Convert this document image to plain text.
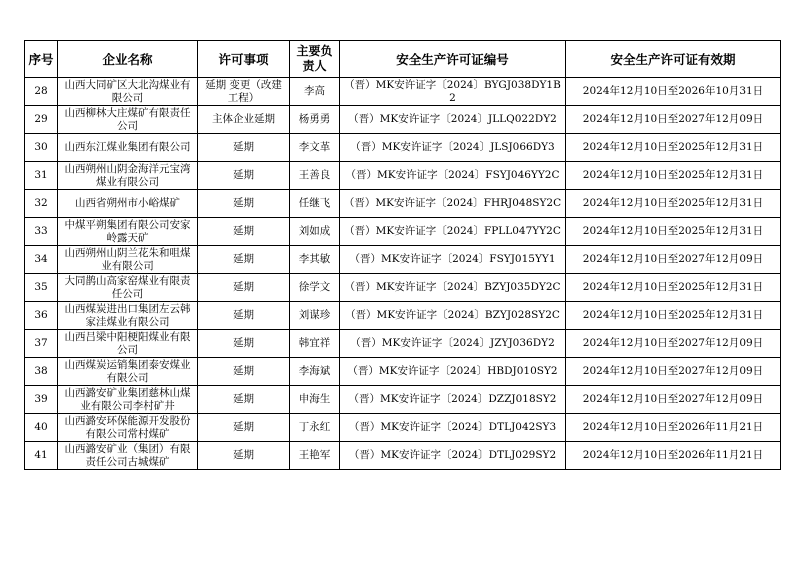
序号	企业名称	许可事项	主要负责人	安全生产许可证编号	安全生产许可证有效期
28	山西大同矿区大北沟煤业有限公司	延期 变更（改建工程）	李高	（晋）MK安许证字〔2024〕BYGJ038DY1B2	2024年12月10日至2026年10月31日
29	山西柳林大庄煤矿有限责任公司	主体企业延期	杨勇勇	（晋）MK安许证字〔2024〕JLLQ022DY2	2024年12月10日至2027年12月09日
30	山西东江煤业集团有限公司	延期	李文革	（晋）MK安许证字〔2024〕JLSJ066DY3	2024年12月10日至2025年12月31日
31	山西朔州山阴金海洋元宝湾煤业有限公司	延期	王善良	（晋）MK安许证字〔2024〕FSYJ046YY2C	2024年12月10日至2025年12月31日
32	山西省朔州市小峪煤矿	延期	任继飞	（晋）MK安许证字〔2024〕FHRJ048SY2C	2024年12月10日至2025年12月31日
33	中煤平朔集团有限公司安家岭露天矿	延期	刘如成	（晋）MK安许证字〔2024〕FPLL047YY2C	2024年12月10日至2025年12月31日
34	山西朔州山阴兰花朱和咀煤业有限公司	延期	李其敏	（晋）MK安许证字〔2024〕FSYJ015YY1	2024年12月10日至2027年12月09日
35	大同鹊山高家窑煤业有限责任公司	延期	徐学文	（晋）MK安许证字〔2024〕BZYJ035DY2C	2024年12月10日至2025年12月31日
36	山西煤炭进出口集团左云韩家洼煤业有限公司	延期	刘谋珍	（晋）MK安许证字〔2024〕BZYJ028SY2C	2024年12月10日至2025年12月31日
37	山西吕梁中阳梗阳煤业有限公司	延期	韩宜祥	（晋）MK安许证字〔2024〕JZYJ036DY2	2024年12月10日至2027年12月09日
38	山西煤炭运销集团泰安煤业有限公司	延期	李海斌	（晋）MK安许证字〔2024〕HBDJ010SY2	2024年12月10日至2027年12月09日
39	山西潞安矿业集团慈林山煤业有限公司李村矿井	延期	申海生	（晋）MK安许证字〔2024〕DZZJ018SY2	2024年12月10日至2027年12月09日
40	山西潞安环保能源开发股份有限公司常村煤矿	延期	丁永红	（晋）MK安许证字〔2024〕DTLJ042SY3	2024年12月10日至2026年11月21日
41	山西潞安矿业（集团）有限责任公司古城煤矿	延期	王艳军	（晋）MK安许证字〔2024〕DTLJ029SY2	2024年12月10日至2026年11月21日
